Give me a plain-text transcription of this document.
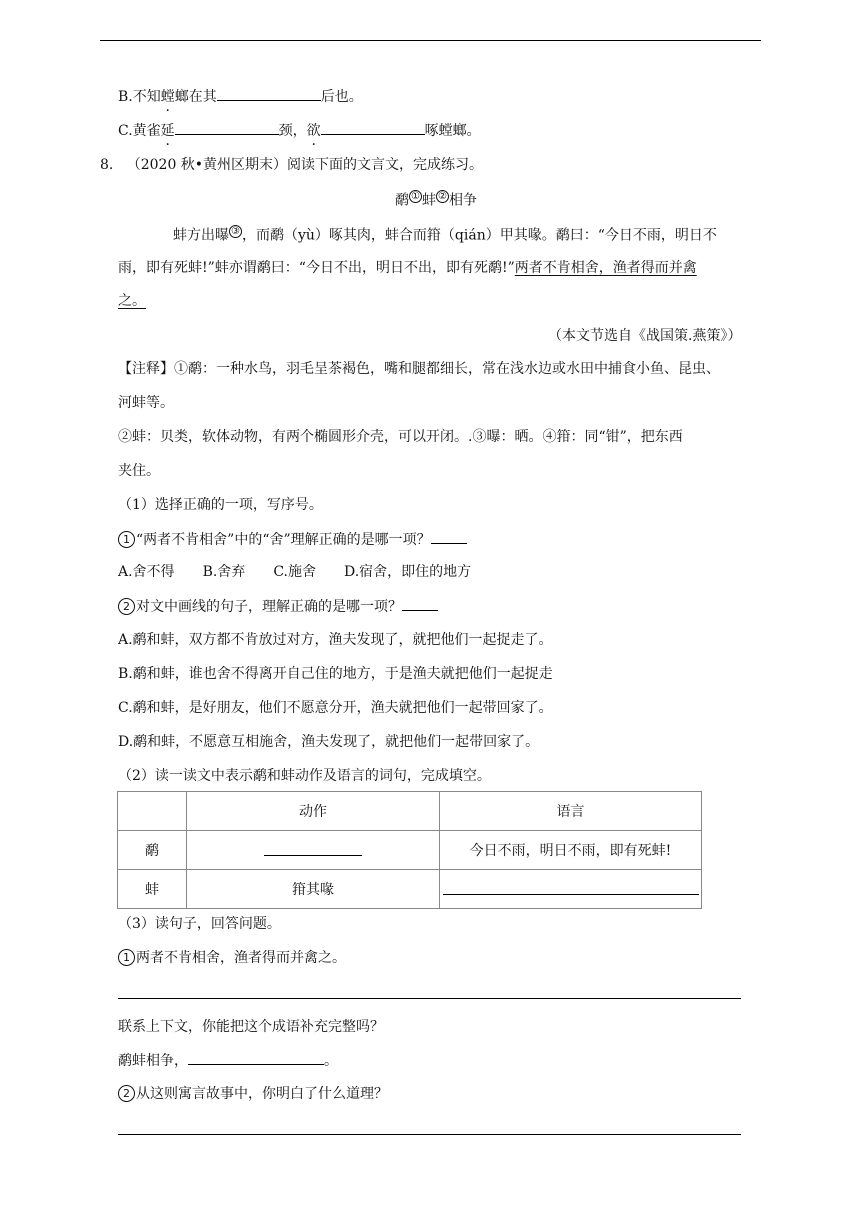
B.不知螳螂在其	后也。
C.黄雀延	颈，欲	啄螳螂。
8. （2020 秋•黄州区期末）阅读下面的文言文，完成练习。
鹬 ① 蚌 ② 相争
蚌方出曝 ③ ，而鹬（yù）啄其肉，蚌合而箝（qián）甲其喙。鹬曰：“今日不雨，明日不
雨，即有死蚌!”蚌亦谓鹬曰：“今日不出，明日不出，即有死鹬!”两者不肯相舍，渔者得而并禽
之。
（本文节选自《战国策.燕策》）
【注释】①鹬：一种水鸟，羽毛呈茶褐色，嘴和腿都细长，常在浅水边或水田中捕食小鱼、昆虫、
河蚌等。
②蚌：贝类，软体动物，有两个椭圆形介壳，可以开闭。.③曝：晒。④箝：同“钳”，把东西
夹住。
（1）选择正确的一项，写序号。
1 “两者不肯相舍”中的“舍”理解正确的是哪一项？
A.舍不得 B.舍弃 C.施舍 D.宿舍，即住的地方
2 对文中画线的句子，理解正确的是哪一项？
A.鹬和蚌，双方都不肯放过对方，渔夫发现了，就把他们一起捉走了。
B.鹬和蚌，谁也舍不得离开自己住的地方，于是渔夫就把他们一起捉走
C.鹬和蚌，是好朋友，他们不愿意分开，渔夫就把他们一起带回家了。
D.鹬和蚌，不愿意互相施舍，渔夫发现了，就把他们一起带回家了。
（2）读一读文中表示鹬和蚌动作及语言的词句，完成填空。
	动作	语言
鹬		今日不雨，明日不雨，即有死蚌!
蚌	箝其喙	
（3）读句子，回答问题。
1 两者不肯相舍，渔者得而并禽之。
联系上下文，你能把这个成语补充完整吗？
鹬蚌相争，	。
2 从这则寓言故事中，你明白了什么道理？
